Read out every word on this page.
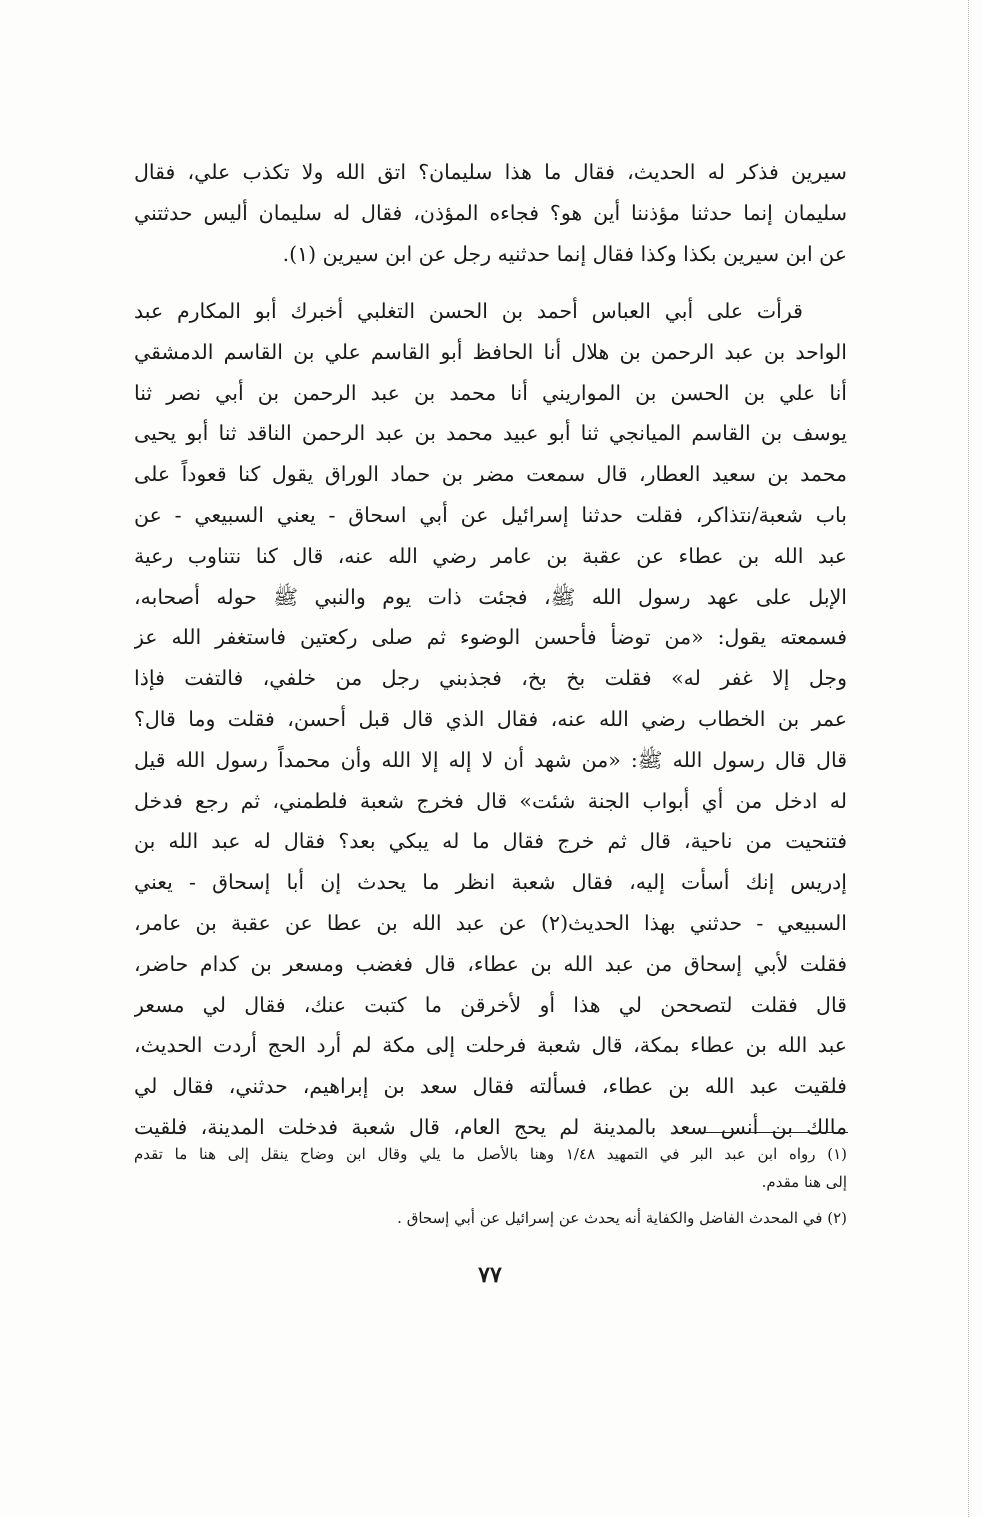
سيرين فذكر له الحديث، فقال ما هذا سليمان؟ اتق الله ولا تكذب علي، فقال
سليمان إنما حدثنا مؤذننا أين هو؟ فجاءه المؤذن، فقال له سليمان أليس حدثتني
عن ابن سيرين بكذا وكذا فقال إنما حدثنيه رجل عن ابن سيرين (١).
قرأت على أبي العباس أحمد بن الحسن التغلبي أخبرك أبو المكارم عبد
الواحد بن عبد الرحمن بن هلال أنا الحافظ أبو القاسم علي بن القاسم الدمشقي
أنا علي بن الحسن بن المواريني أنا محمد بن عبد الرحمن بن أبي نصر ثنا
يوسف بن القاسم الميانجي ثنا أبو عبيد محمد بن عبد الرحمن الناقد ثنا أبو يحيى
محمد بن سعيد العطار، قال سمعت مضر بن حماد الوراق يقول كنا قعوداً على
باب شعبة/نتذاكر، فقلت حدثنا إسرائيل عن أبي اسحاق - يعني السبيعي - عن
عبد الله بن عطاء عن عقبة بن عامر رضي الله عنه، قال كنا نتناوب رعية
الإبل على عهد رسول الله ﷺ، فجئت ذات يوم والنبي ﷺ حوله أصحابه،
فسمعته يقول: «من توضأ فأحسن الوضوء ثم صلى ركعتين فاستغفر الله عز
وجل إلا غفر له» فقلت بخ بخ، فجذبني رجل من خلفي، فالتفت فإذا
عمر بن الخطاب رضي الله عنه، فقال الذي قال قبل أحسن، فقلت وما قال؟
قال قال رسول الله ﷺ: «من شهد أن لا إله إلا الله وأن محمداً رسول الله قيل
له ادخل من أي أبواب الجنة شئت» قال فخرج شعبة فلطمني، ثم رجع فدخل
فتنحيت من ناحية، قال ثم خرج فقال ما له يبكي بعد؟ فقال له عبد الله بن
إدريس إنك أسأت إليه، فقال شعبة انظر ما يحدث إن أبا إسحاق - يعني
السبيعي - حدثني بهذا الحديث(٢) عن عبد الله بن عطا عن عقبة بن عامر،
فقلت لأبي إسحاق من عبد الله بن عطاء، قال فغضب ومسعر بن كدام حاضر،
قال فقلت لتصححن لي هذا أو لأخرقن ما كتبت عنك، فقال لي مسعر
عبد الله بن عطاء بمكة، قال شعبة فرحلت إلى مكة لم أرد الحج أردت الحديث،
فلقيت عبد الله بن عطاء، فسألته فقال سعد بن إبراهيم، حدثني، فقال لي
مالك بن أنس سعد بالمدينة لم يحج العام، قال شعبة فدخلت المدينة، فلقيت
(١) رواه ابن عبد البر في التمهيد ١/٤٨ وهنا بالأصل ما يلي وقال ابن وضاح ينقل إلى هنا ما تقدم
إلى هنا مقدم.
(٢) في المحدث الفاضل والكفاية أنه يحدث عن إسرائيل عن أبي إسحاق .
٧٧
